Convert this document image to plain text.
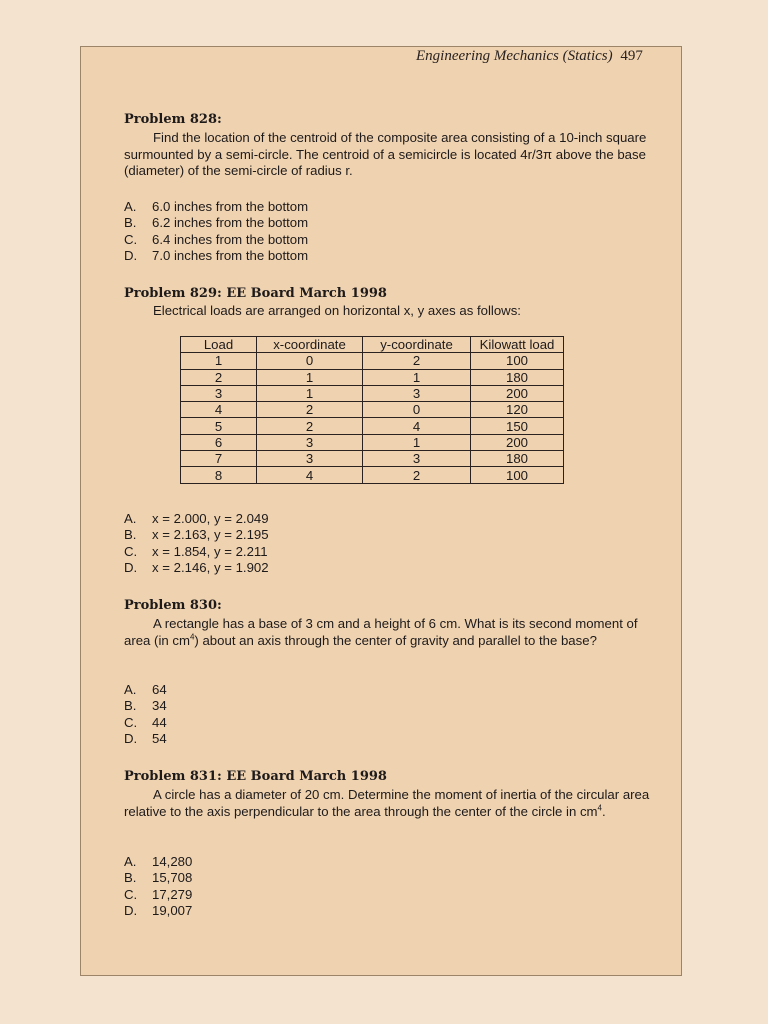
Engineering Mechanics (Statics) 497
Problem 828:
Find the location of the centroid of the composite area consisting of a 10-inch square surmounted by a semi-circle. The centroid of a semicircle is located 4r/3π above the base (diameter) of the semi-circle of radius r.
A. 6.0 inches from the bottom
B. 6.2 inches from the bottom
C. 6.4 inches from the bottom
D. 7.0 inches from the bottom
Problem 829: EE Board March 1998
Electrical loads are arranged on horizontal x, y axes as follows:
Load	x-coordinate	y-coordinate	Kilowatt load
1	0	2	100
2	1	1	180
3	1	3	200
4	2	0	120
5	2	4	150
6	3	1	200
7	3	3	180
8	4	2	100
A. x = 2.000, y = 2.049
B. x = 2.163, y = 2.195
C. x = 1.854, y = 2.211
D. x = 2.146, y = 1.902
Problem 830:
A rectangle has a base of 3 cm and a height of 6 cm. What is its second moment of area (in $cm^4$) about an axis through the center of gravity and parallel to the base?
A. 64
B. 34
C. 44
D. 54
Problem 831: EE Board March 1998
A circle has a diameter of 20 cm. Determine the moment of inertia of the circular area relative to the axis perpendicular to the area through the center of the circle in $cm^4$.
A. 14,280
B. 15,708
C. 17,279
D. 19,007
